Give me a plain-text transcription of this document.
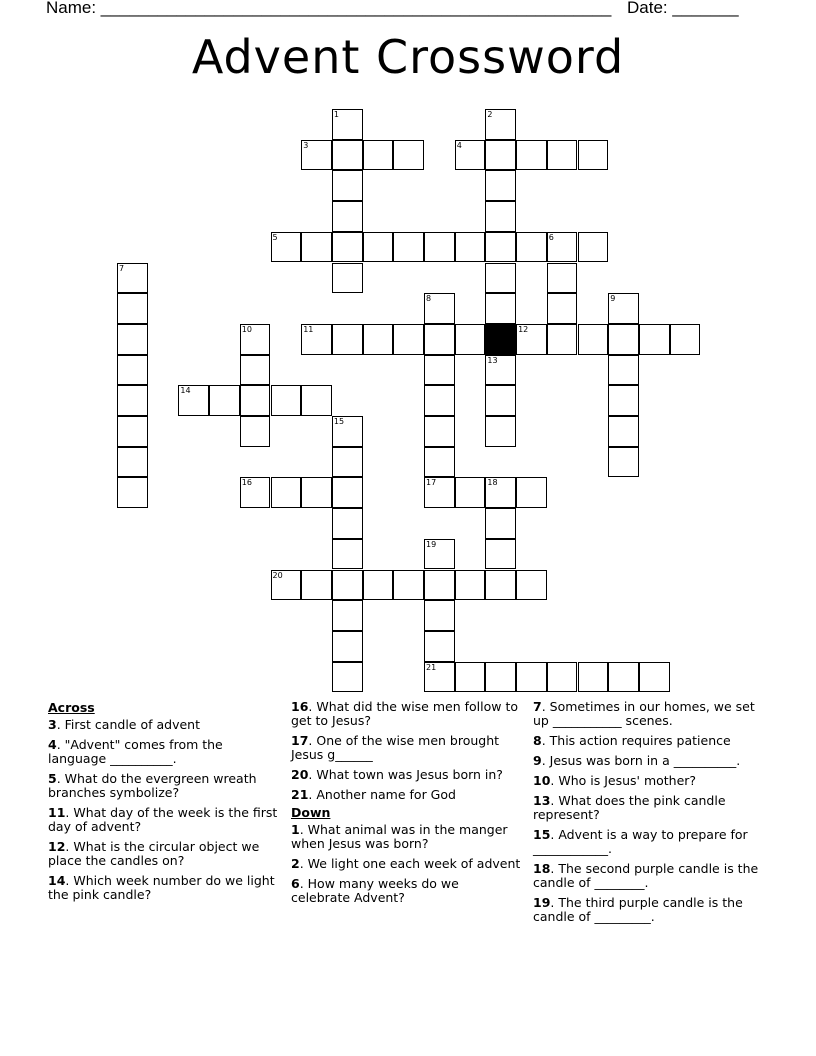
Name: ______________________________________________________ Date: _______
Advent Crossword
1	2
3	4
5	6
7
8	9
10	11	12
13
14
15
16	17	18
19
20
21
Across
3. First candle of advent
4. "Advent" comes from the language __________.
5. What do the evergreen wreath branches symbolize?
11. What day of the week is the first day of advent?
12. What is the circular object we place the candles on?
14. Which week number do we light the pink candle?
16. What did the wise men follow to get to Jesus?
17. One of the wise men brought Jesus g______
20. What town was Jesus born in?
21. Another name for God
Down
1. What animal was in the manger when Jesus was born?
2. We light one each week of advent
6. How many weeks do we celebrate Advent?
7. Sometimes in our homes, we set up ___________ scenes.
8. This action requires patience
9. Jesus was born in a __________.
10. Who is Jesus' mother?
13. What does the pink candle represent?
15. Advent is a way to prepare for ____________.
18. The second purple candle is the candle of ________.
19. The third purple candle is the candle of _________.
